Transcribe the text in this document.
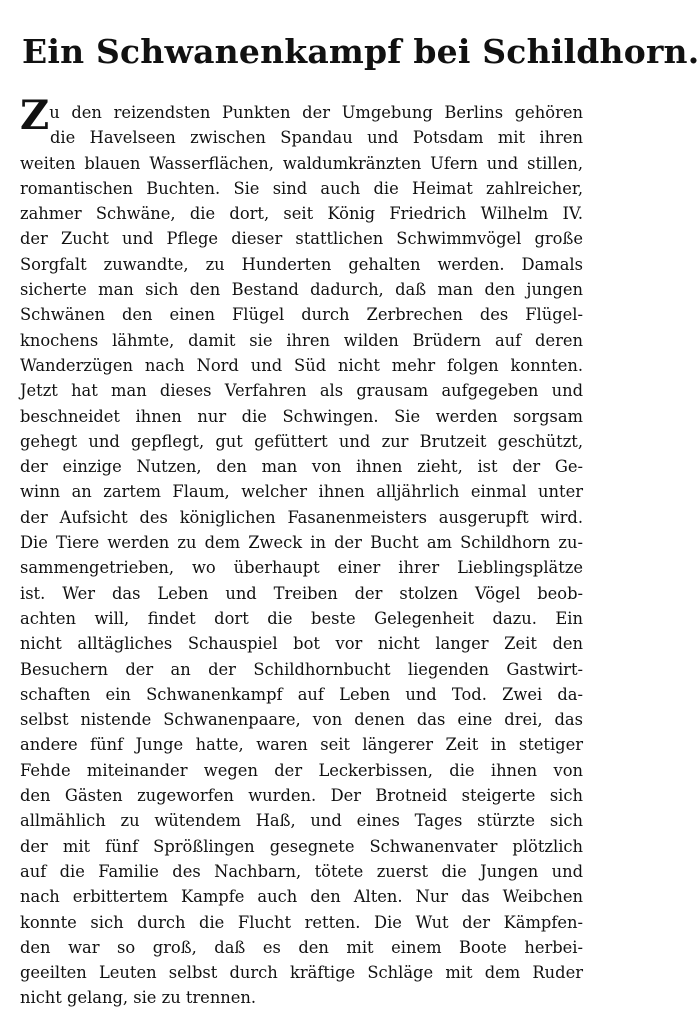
Ein Schwanenkampf bei Schildhorn.
Zu den reizendsten Punkten der Umgebung Berlins gehören
die Havelseen zwischen Spandau und Potsdam mit ihren
weiten blauen Wasserflächen, waldumkränzten Ufern und stillen,
romantischen Buchten. Sie sind auch die Heimat zahlreicher,
zahmer Schwäne, die dort, seit König Friedrich Wilhelm IV.
der Zucht und Pflege dieser stattlichen Schwimmvögel große
Sorgfalt zuwandte, zu Hunderten gehalten werden. Damals
sicherte man sich den Bestand dadurch, daß man den jungen
Schwänen den einen Flügel durch Zerbrechen des Flügel-
knochens lähmte, damit sie ihren wilden Brüdern auf deren
Wanderzügen nach Nord und Süd nicht mehr folgen konnten.
Jetzt hat man dieses Verfahren als grausam aufgegeben und
beschneidet ihnen nur die Schwingen. Sie werden sorgsam
gehegt und gepflegt, gut gefüttert und zur Brutzeit geschützt,
der einzige Nutzen, den man von ihnen zieht, ist der Ge-
winn an zartem Flaum, welcher ihnen alljährlich einmal unter
der Aufsicht des königlichen Fasanenmeisters ausgerupft wird.
Die Tiere werden zu dem Zweck in der Bucht am Schildhorn zu-
sammengetrieben, wo überhaupt einer ihrer Lieblingsplätze
ist. Wer das Leben und Treiben der stolzen Vögel beob-
achten will, findet dort die beste Gelegenheit dazu. Ein
nicht alltägliches Schauspiel bot vor nicht langer Zeit den
Besuchern der an der Schildhornbucht liegenden Gastwirt-
schaften ein Schwanenkampf auf Leben und Tod. Zwei da-
selbst nistende Schwanenpaare, von denen das eine drei, das
andere fünf Junge hatte, waren seit längerer Zeit in stetiger
Fehde miteinander wegen der Leckerbissen, die ihnen von
den Gästen zugeworfen wurden. Der Brotneid steigerte sich
allmählich zu wütendem Haß, und eines Tages stürzte sich
der mit fünf Sprößlingen gesegnete Schwanenvater plötzlich
auf die Familie des Nachbarn, tötete zuerst die Jungen und
nach erbittertem Kampfe auch den Alten. Nur das Weibchen
konnte sich durch die Flucht retten. Die Wut der Kämpfen-
den war so groß, daß es den mit einem Boote herbei-
geeilten Leuten selbst durch kräftige Schläge mit dem Ruder
nicht gelang, sie zu trennen.
